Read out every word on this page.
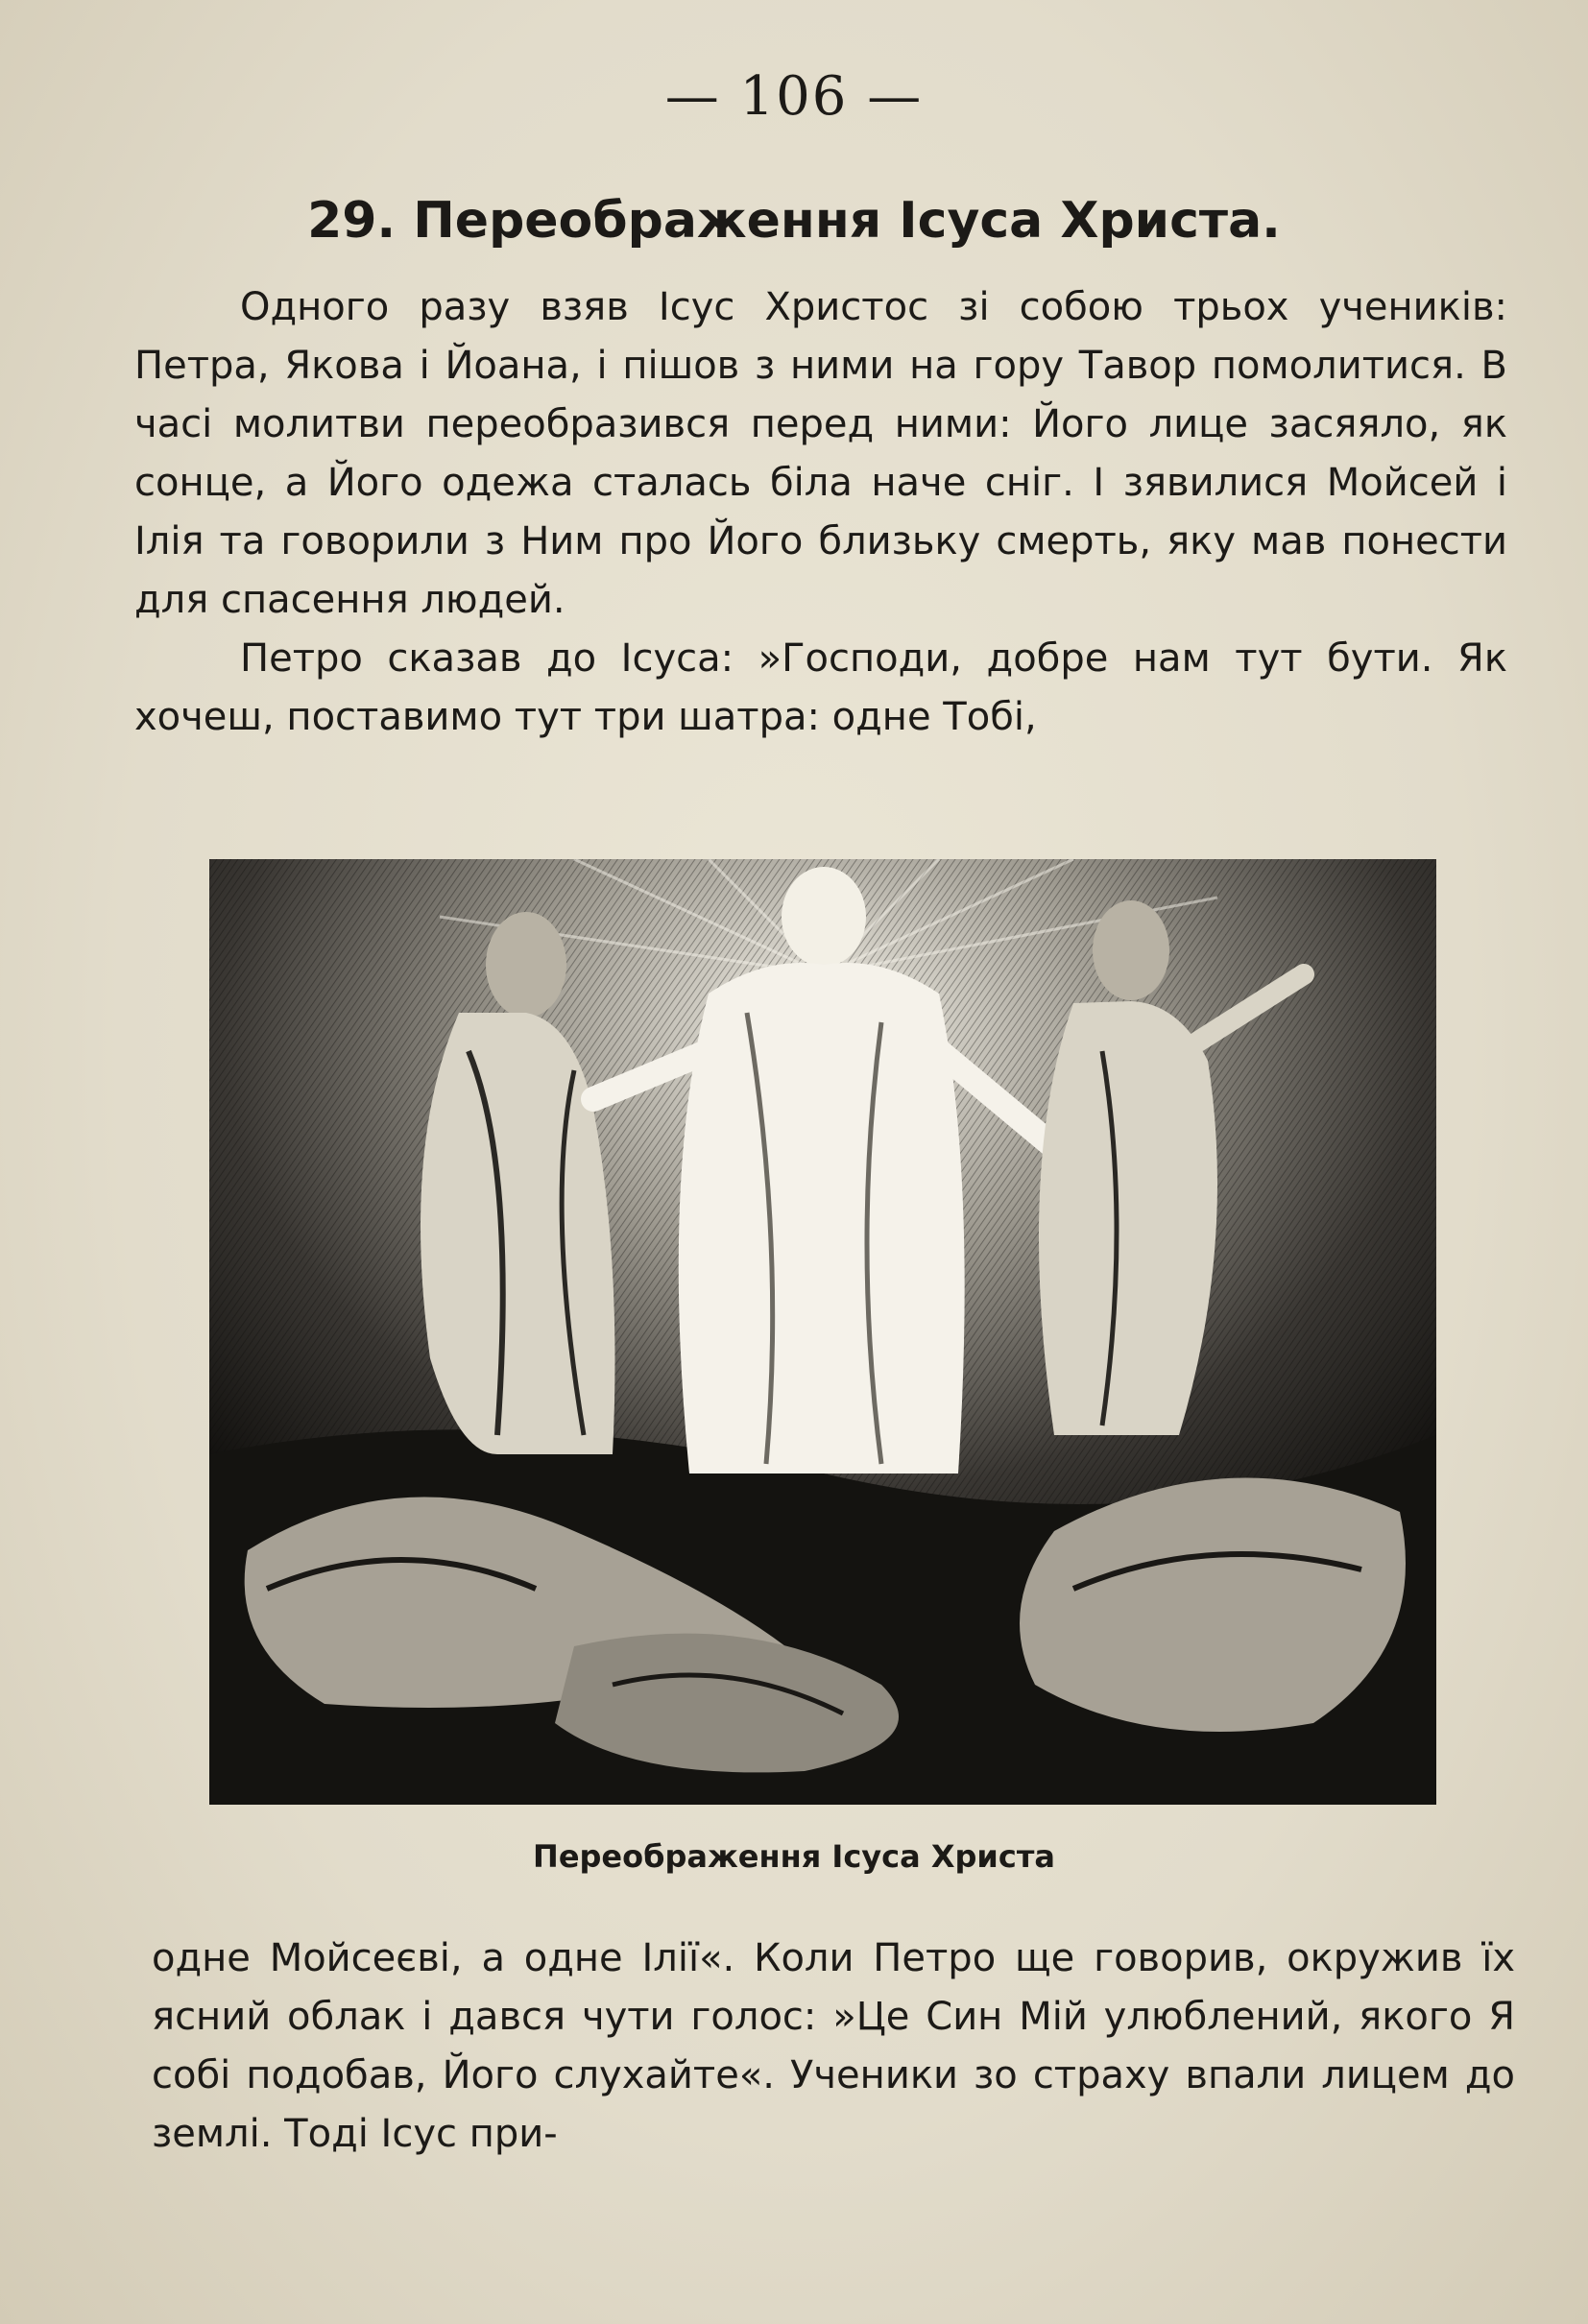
— 106 —
29. Переображення Ісуса Христа.

Одного разу взяв Ісус Христос зі собою трьох учеників: Петра, Якова і Йоана, і пішов з ними на гору Тавор помолитися. В часі молитви переобразився перед ними: Його лице засяяло, як сонце, а Його одежа сталась біла наче сніг. І зявилися Мойсей і Ілія та говорили з Ним про Його близьку смерть, яку мав понести для спасення людей.

Петро сказав до Ісуса: »Господи, добре нам тут бути. Як хочеш, поставимо тут три шатра: одне Тобі,

Переображення Ісуса Христа

одне Мойсеєві, а одне Ілії«. Коли Петро ще говорив, окружив їх ясний облак і дався чути голос: »Це Син Мій улюблений, якого Я собі подобав, Його слухайте«. Ученики зо страху впали лицем до землі. Тоді Ісус при-
